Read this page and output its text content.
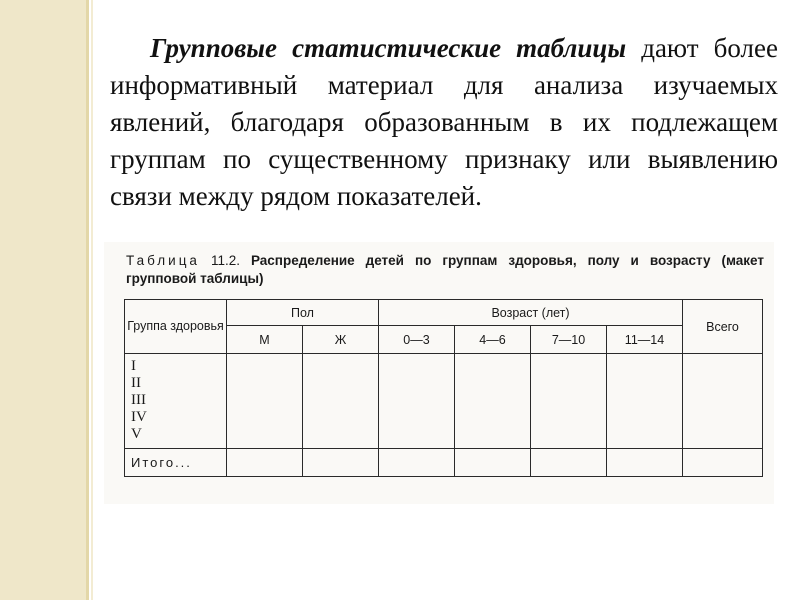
Групповые статистические таблицы дают более информативный материал для анализа изучаемых явлений, благодаря образованным в их подлежащем группам по существенному признаку или выявлению связи между рядом показателей.

Таблица 11.2. Распределение детей по группам здоровья, полу и возрасту (макет групповой таблицы)

Группа здоровья	Пол		Возраст (лет)				Всего
	М	Ж	0—3	4—6	7—10	11—14	

I
II
III
IV
V							

Итого...							
